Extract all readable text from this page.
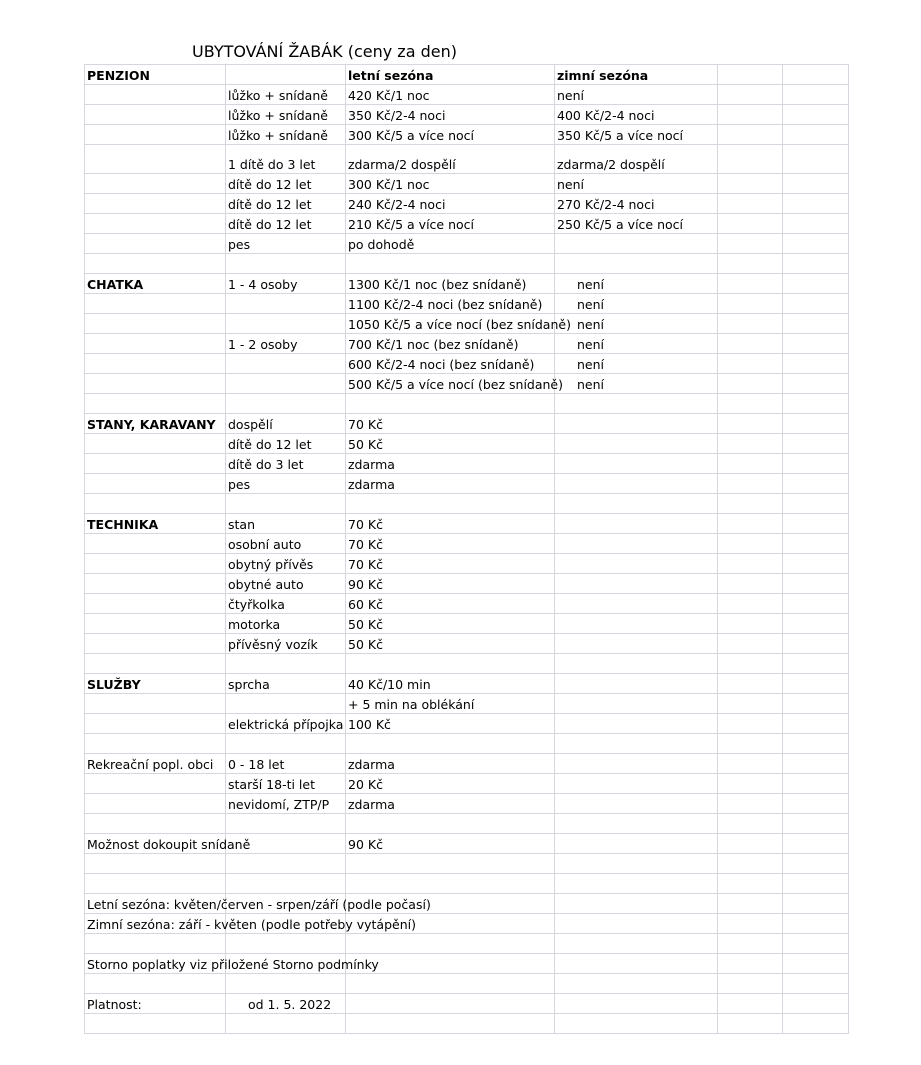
UBYTOVÁNÍ ŽABÁK (ceny za den)
PENZION		letní sezóna	zimní sezóna		
	lůžko + snídaně	420 Kč/1 noc	není		
	lůžko + snídaně	350 Kč/2-4 noci	400 Kč/2-4 noci		
	lůžko + snídaně	300 Kč/5 a více nocí	350 Kč/5 a více nocí		
	1 dítě do 3 let	zdarma/2 dospělí	zdarma/2 dospělí		
	dítě do 12 let	300 Kč/1 noc	není		
	dítě do 12 let	240 Kč/2-4 noci	270 Kč/2-4 noci		
	dítě do 12 let	210 Kč/5 a více nocí	250 Kč/5 a více nocí		
	pes	po dohodě			

CHATKA	1 - 4 osoby	1300 Kč/1 noc (bez snídaně)	není		
		1100 Kč/2-4 noci (bez snídaně)	není		
		1050 Kč/5 a více nocí (bez snídaně)	není		
	1 - 2 osoby	700 Kč/1 noc (bez snídaně)	není		
		600 Kč/2-4 noci (bez snídaně)	není		
		500 Kč/5 a více nocí (bez snídaně)	není		

STANY, KARAVANY	dospělí	70 Kč			
	dítě do 12 let	50 Kč			
	dítě do 3 let	zdarma			
	pes	zdarma			

TECHNIKA	stan	70 Kč			
	osobní auto	70 Kč			
	obytný přívěs	70 Kč			
	obytné auto	90 Kč			
	čtyřkolka	60 Kč			
	motorka	50 Kč			
	přívěsný vozík	50 Kč			

SLUŽBY	sprcha	40 Kč/10 min			
		+ 5 min na oblékání			
	elektrická přípojka	100 Kč			

Rekreační popl. obci	0 - 18 let	zdarma			
	starší 18-ti let	20 Kč			
	nevidomí, ZTP/P	zdarma			

Možnost dokoupit snídaně		90 Kč			

Letní sezóna: květen/červen - srpen/září (podle počasí)					
Zimní sezóna: září - květen (podle potřeby vytápění)					

Storno poplatky viz přiložené Storno podmínky					

Platnost:	od 1. 5. 2022				
